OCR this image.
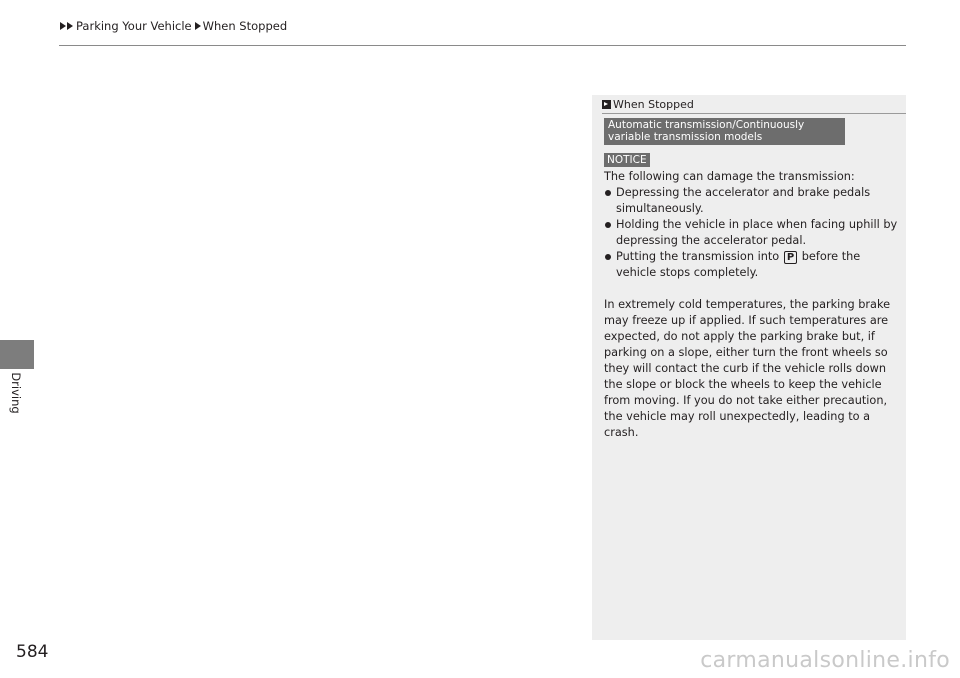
Parking Your Vehicle When Stopped
Driving
584
When Stopped
Automatic transmission/Continuously variable transmission models
NOTICE

The following can damage the transmission:

Depressing the accelerator and brake pedals simultaneously.
Holding the vehicle in place when facing uphill by depressing the accelerator pedal.
Putting the transmission into P before the vehicle stops completely.

In extremely cold temperatures, the parking brake may freeze up if applied. If such temperatures are expected, do not apply the parking brake but, if parking on a slope, either turn the front wheels so they will contact the curb if the vehicle rolls down the slope or block the wheels to keep the vehicle from moving. If you do not take either precaution, the vehicle may roll unexpectedly, leading to a crash.

carmanualsonline.info
